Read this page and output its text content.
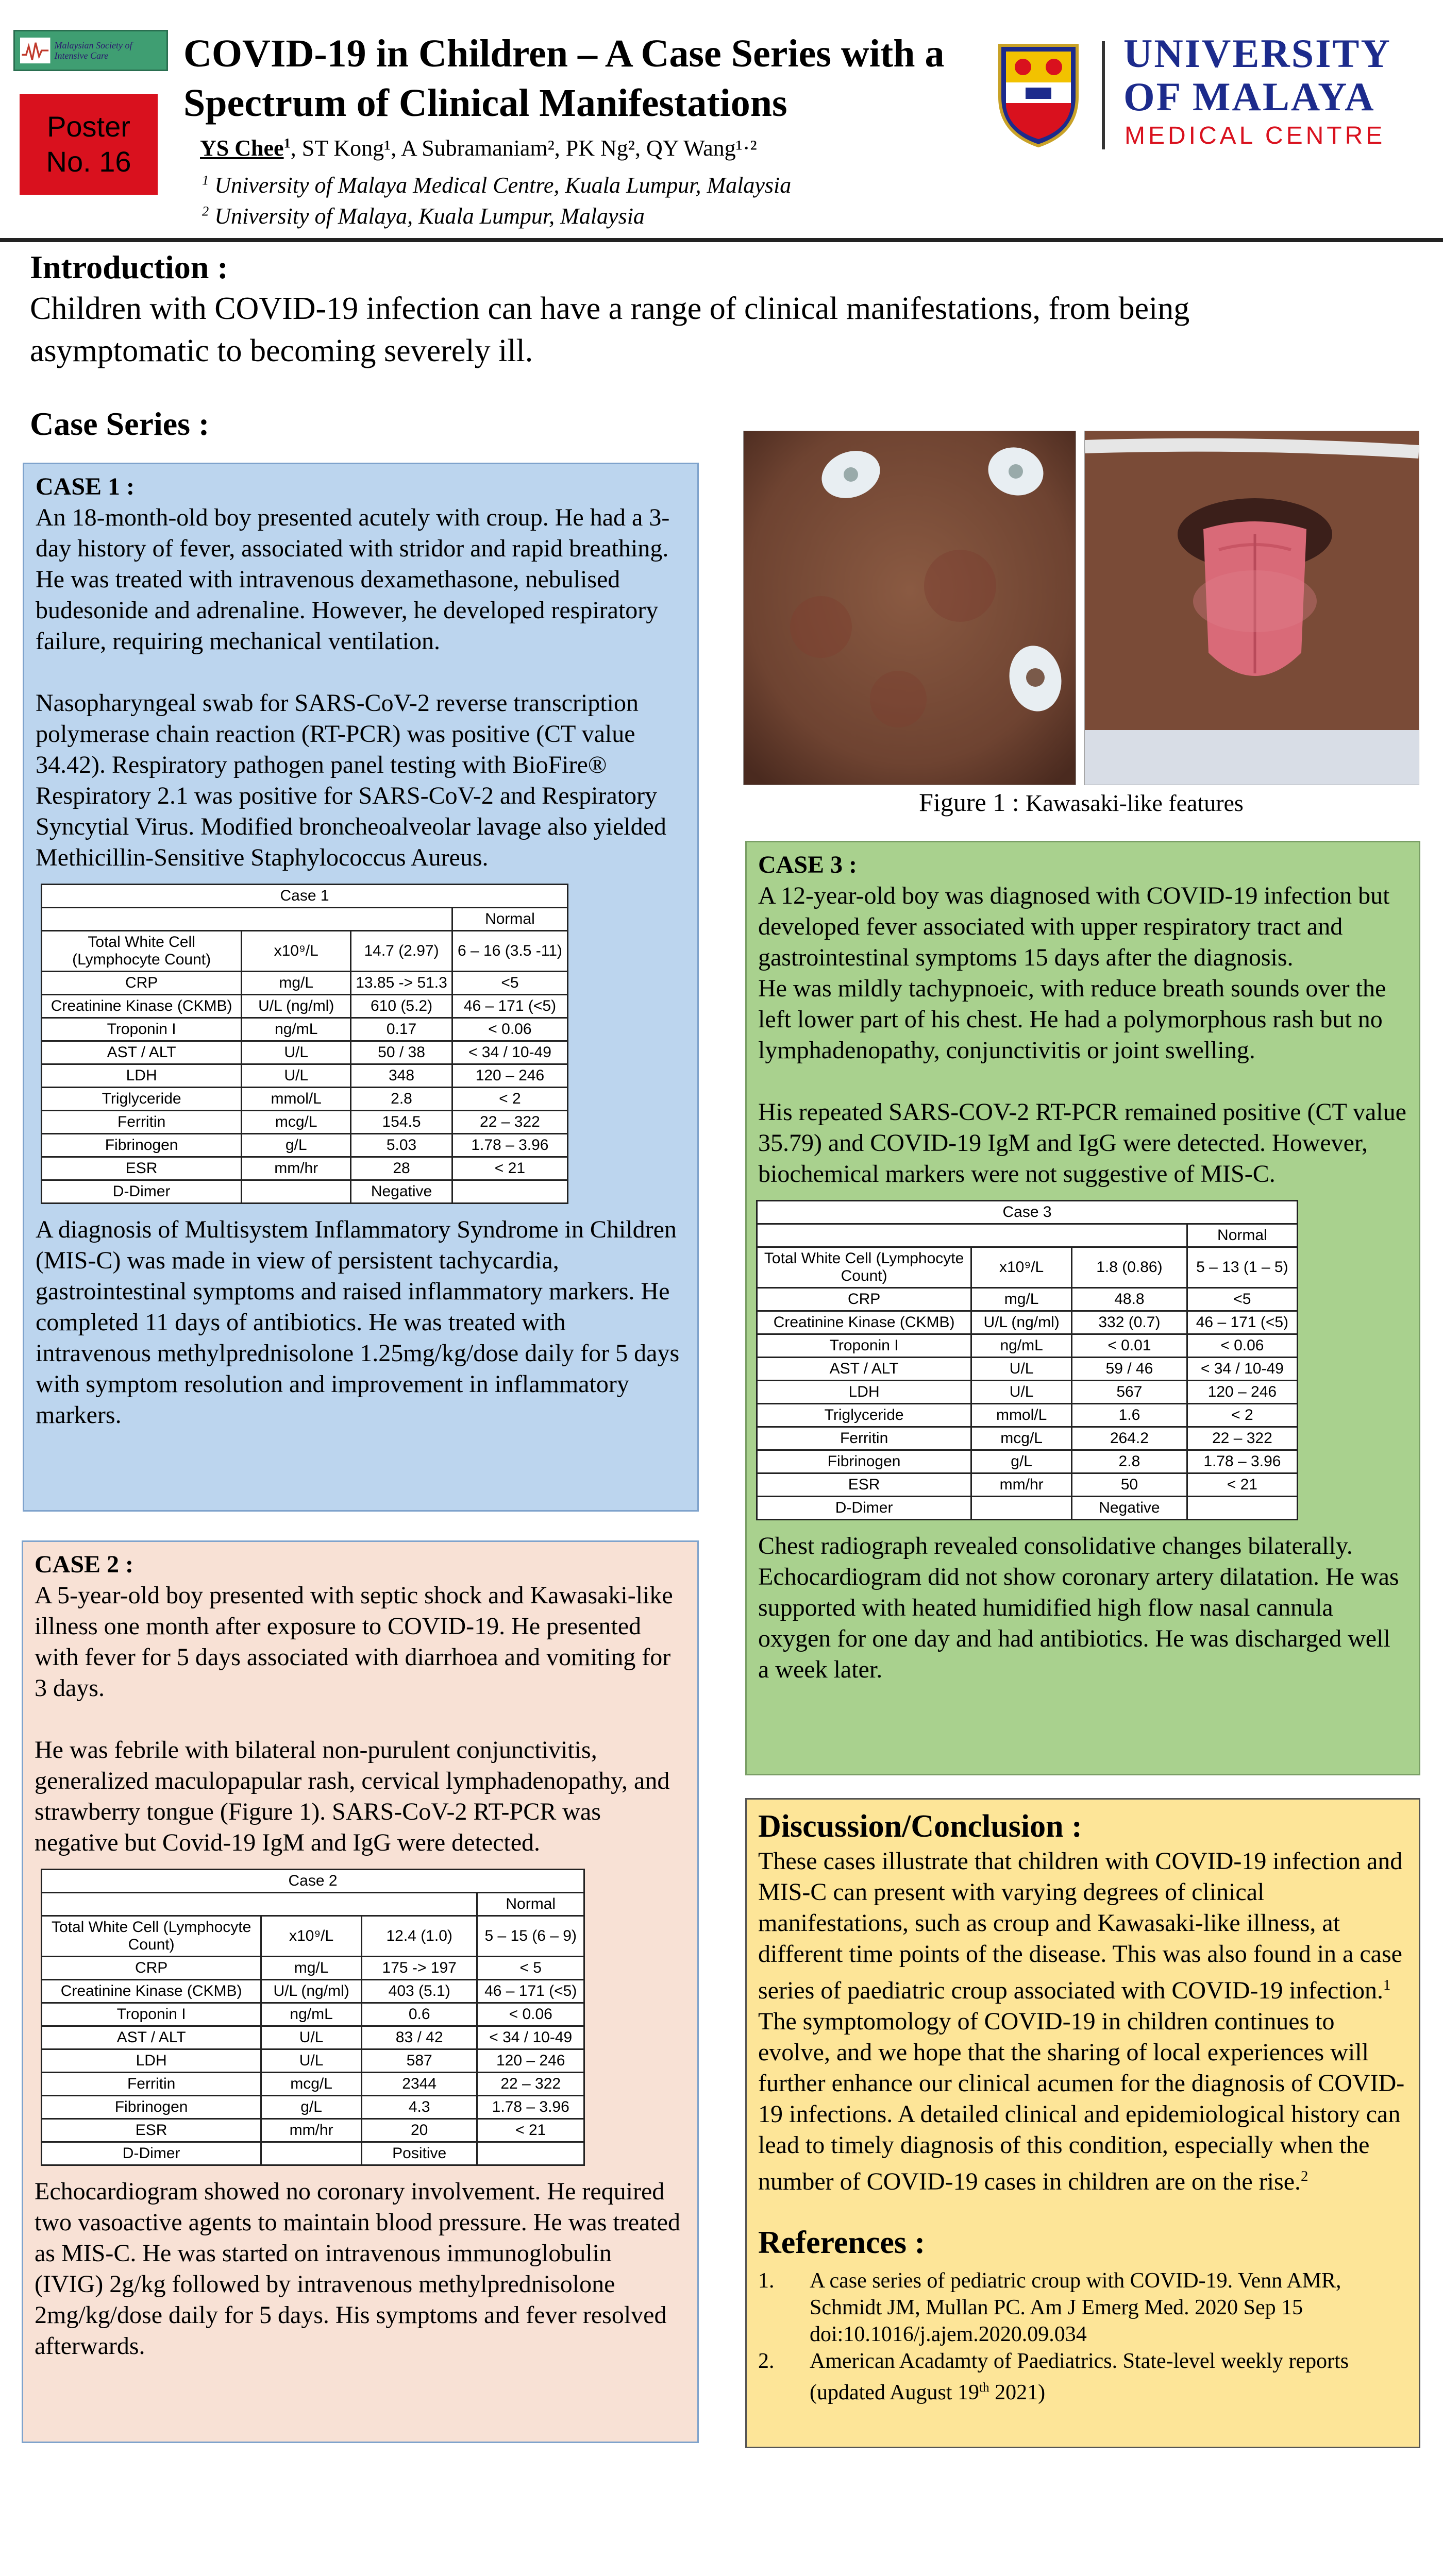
Malaysian Society of Intensive Care
Poster
No. 16
COVID-19 in Children – A Case Series with a
Spectrum of Clinical Manifestations
YS Chee$^1$, ST Kong¹, A Subramaniam², PK Ng², QY Wang¹·²
$^1$ University of Malaya Medical Centre, Kuala Lumpur, Malaysia
$^2$ University of Malaya, Kuala Lumpur, Malaysia
UNIVERSITY
OF MALAYA
MEDICAL CENTRE
Introduction :
Children with COVID-19 infection can have a range of clinical manifestations, from being asymptomatic to becoming severely ill.
Case Series :
CASE 1 :

An 18-month-old boy presented acutely with croup. He had a 3-day history of fever, associated with stridor and rapid breathing. He was treated with intravenous dexamethasone, nebulised budesonide and adrenaline. However, he developed respiratory failure, requiring mechanical ventilation.

Nasopharyngeal swab for SARS-CoV-2 reverse transcription polymerase chain reaction (RT-PCR) was positive (CT value 34.42). Respiratory pathogen panel testing with BioFire® Respiratory 2.1 was positive for SARS-CoV-2 and Respiratory Syncytial Virus. Modified broncheoalveolar lavage also yielded Methicillin-Sensitive Staphylococcus Aureus.

Case 1			
			Normal
Total White Cell (Lymphocyte Count)	x10⁹/L	14.7 (2.97)	6 – 16 (3.5 -11)
CRP	mg/L	13.85 -> 51.3	<5
Creatinine Kinase (CKMB)	U/L (ng/ml)	610 (5.2)	46 – 171 (<5)
Troponin I	ng/mL	0.17	< 0.06
AST / ALT	U/L	50 / 38	< 34 / 10-49
LDH	U/L	348	120 – 246
Triglyceride	mmol/L	2.8	< 2
Ferritin	mcg/L	154.5	22 – 322
Fibrinogen	g/L	5.03	1.78 – 3.96
ESR	mm/hr	28	< 21
D-Dimer		Negative	

A diagnosis of Multisystem Inflammatory Syndrome in Children (MIS-C) was made in view of persistent tachycardia, gastrointestinal symptoms and raised inflammatory markers. He completed 11 days of antibiotics. He was treated with intravenous methylprednisolone 1.25mg/kg/dose daily for 5 days with symptom resolution and improvement in inflammatory markers.

CASE 2 :

A 5-year-old boy presented with septic shock and Kawasaki-like illness one month after exposure to COVID-19. He presented with fever for 5 days associated with diarrhoea and vomiting for 3 days.

He was febrile with bilateral non-purulent conjunctivitis, generalized maculopapular rash, cervical lymphadenopathy, and strawberry tongue (Figure 1). SARS-CoV-2 RT-PCR was negative but Covid-19 IgM and IgG were detected.

Case 2			
			Normal
Total White Cell (Lymphocyte Count)	x10⁹/L	12.4 (1.0)	5 – 15 (6 – 9)
CRP	mg/L	175 -> 197	< 5
Creatinine Kinase (CKMB)	U/L (ng/ml)	403 (5.1)	46 – 171 (<5)
Troponin I	ng/mL	0.6	< 0.06
AST / ALT	U/L	83 / 42	< 34 / 10-49
LDH	U/L	587	120 – 246
Ferritin	mcg/L	2344	22 – 322
Fibrinogen	g/L	4.3	1.78 – 3.96
ESR	mm/hr	20	< 21
D-Dimer		Positive	

Echocardiogram showed no coronary involvement. He required two vasoactive agents to maintain blood pressure. He was treated as MIS-C. He was started on intravenous immunoglobulin (IVIG) 2g/kg followed by intravenous methylprednisolone 2mg/kg/dose daily for 5 days. His symptoms and fever resolved afterwards.

Figure 1 : Kawasaki-like features
CASE 3 :

A 12-year-old boy was diagnosed with COVID-19 infection but developed fever associated with upper respiratory tract and gastrointestinal symptoms 15 days after the diagnosis.

He was mildly tachypnoeic, with reduce breath sounds over the left lower part of his chest. He had a polymorphous rash but no lymphadenopathy, conjunctivitis or joint swelling.

His repeated SARS-COV-2 RT-PCR remained positive (CT value 35.79) and COVID-19 IgM and IgG were detected. However, biochemical markers were not suggestive of MIS-C.

Case 3			
			Normal
Total White Cell (Lymphocyte Count)	x10⁹/L	1.8 (0.86)	5 – 13 (1 – 5)
CRP	mg/L	48.8	<5
Creatinine Kinase (CKMB)	U/L (ng/ml)	332 (0.7)	46 – 171 (<5)
Troponin I	ng/mL	< 0.01	< 0.06
AST / ALT	U/L	59 / 46	< 34 / 10-49
LDH	U/L	567	120 – 246
Triglyceride	mmol/L	1.6	< 2
Ferritin	mcg/L	264.2	22 – 322
Fibrinogen	g/L	2.8	1.78 – 3.96
ESR	mm/hr	50	< 21
D-Dimer		Negative	

Chest radiograph revealed consolidative changes bilaterally. Echocardiogram did not show coronary artery dilatation. He was supported with heated humidified high flow nasal cannula oxygen for one day and had antibiotics. He was discharged well a week later.

Discussion/Conclusion :

These cases illustrate that children with COVID-19 infection and MIS-C can present with varying degrees of clinical manifestations, such as croup and Kawasaki-like illness, at different time points of the disease. This was also found in a case series of paediatric croup associated with COVID-19 infection.$^1$ The symptomology of COVID-19 in children continues to evolve, and we hope that the sharing of local experiences will further enhance our clinical acumen for the diagnosis of COVID-19 infections. A detailed clinical and epidemiological history can lead to timely diagnosis of this condition, especially when the number of COVID-19 cases in children are on the rise.$^2$

References :
1.	A case series of pediatric croup with COVID-19. Venn AMR, Schmidt JM, Mullan PC. Am J Emerg Med. 2020 Sep 15 doi:10.1016/j.ajem.2020.09.034
2.	American Acadamty of Paediatrics. State-level weekly reports (updated August 19th 2021)
